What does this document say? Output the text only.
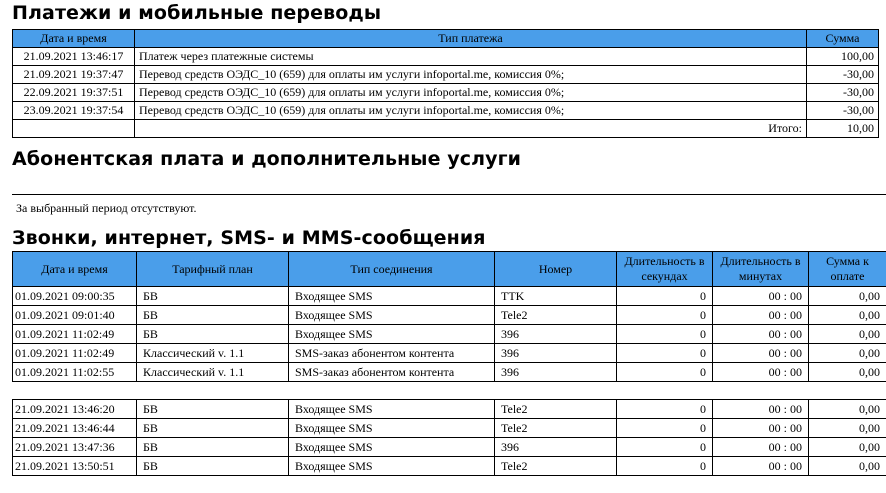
Платежи и мобильные переводы
Дата и время	Тип платежа	Сумма
21.09.2021 13:46:17	Платеж через платежные системы	100,00
21.09.2021 19:37:47	Перевод средств ОЭДС_10 (659) для оплаты им услуги infoportal.me, комиссия 0%;	-30,00
22.09.2021 19:37:51	Перевод средств ОЭДС_10 (659) для оплаты им услуги infoportal.me, комиссия 0%;	-30,00
23.09.2021 19:37:54	Перевод средств ОЭДС_10 (659) для оплаты им услуги infoportal.me, комиссия 0%;	-30,00
	Итого:	10,00
Абонентская плата и дополнительные услуги
За выбранный период отсутствуют.
Звонки, интернет, SMS- и MMS-сообщения
Дата и время	Тарифный план	Тип соединения	Номер	Длительность в секундах	Длительность в минутах	Сумма к оплате
01.09.2021 09:00:35	БВ	Входящее SMS	TTK	0	00 : 00	0,00
01.09.2021 09:01:40	БВ	Входящее SMS	Tele2	0	00 : 00	0,00
01.09.2021 11:02:49	БВ	Входящее SMS	396	0	00 : 00	0,00
01.09.2021 11:02:49	Классический v. 1.1	SMS-заказ абонентом контента	396	0	00 : 00	0,00
01.09.2021 11:02:55	Классический v. 1.1	SMS-заказ абонентом контента	396	0	00 : 00	0,00

21.09.2021 13:46:20	БВ	Входящее SMS	Tele2	0	00 : 00	0,00
21.09.2021 13:46:44	БВ	Входящее SMS	Tele2	0	00 : 00	0,00
21.09.2021 13:47:36	БВ	Входящее SMS	396	0	00 : 00	0,00
21.09.2021 13:50:51	БВ	Входящее SMS	Tele2	0	00 : 00	0,00
